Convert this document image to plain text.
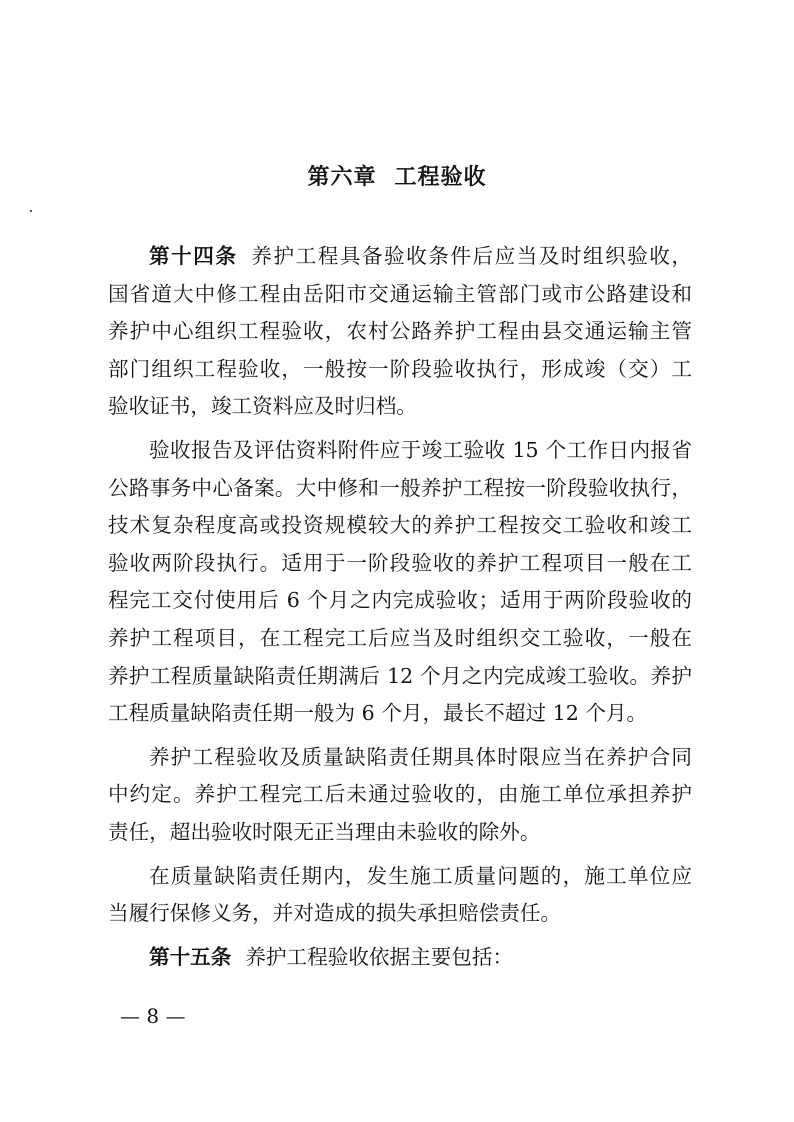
第六章 工程验收
第十四条 养护工程具备验收条件后应当及时组织验收，
国省道大中修工程由岳阳市交通运输主管部门或市公路建设和
养护中心组织工程验收，农村公路养护工程由县交通运输主管
部门组织工程验收，一般按一阶段验收执行，形成竣（交）工
验收证书，竣工资料应及时归档。
验收报告及评估资料附件应于竣工验收 15 个工作日内报省
公路事务中心备案。大中修和一般养护工程按一阶段验收执行，
技术复杂程度高或投资规模较大的养护工程按交工验收和竣工
验收两阶段执行。适用于一阶段验收的养护工程项目一般在工
程完工交付使用后 6 个月之内完成验收；适用于两阶段验收的
养护工程项目，在工程完工后应当及时组织交工验收，一般在
养护工程质量缺陷责任期满后 12 个月之内完成竣工验收。养护
工程质量缺陷责任期一般为 6 个月，最长不超过 12 个月。
养护工程验收及质量缺陷责任期具体时限应当在养护合同
中约定。养护工程完工后未通过验收的，由施工单位承担养护
责任，超出验收时限无正当理由未验收的除外。
在质量缺陷责任期内，发生施工质量问题的，施工单位应
当履行保修义务，并对造成的损失承担赔偿责任。
第十五条 养护工程验收依据主要包括：
— 8 —
